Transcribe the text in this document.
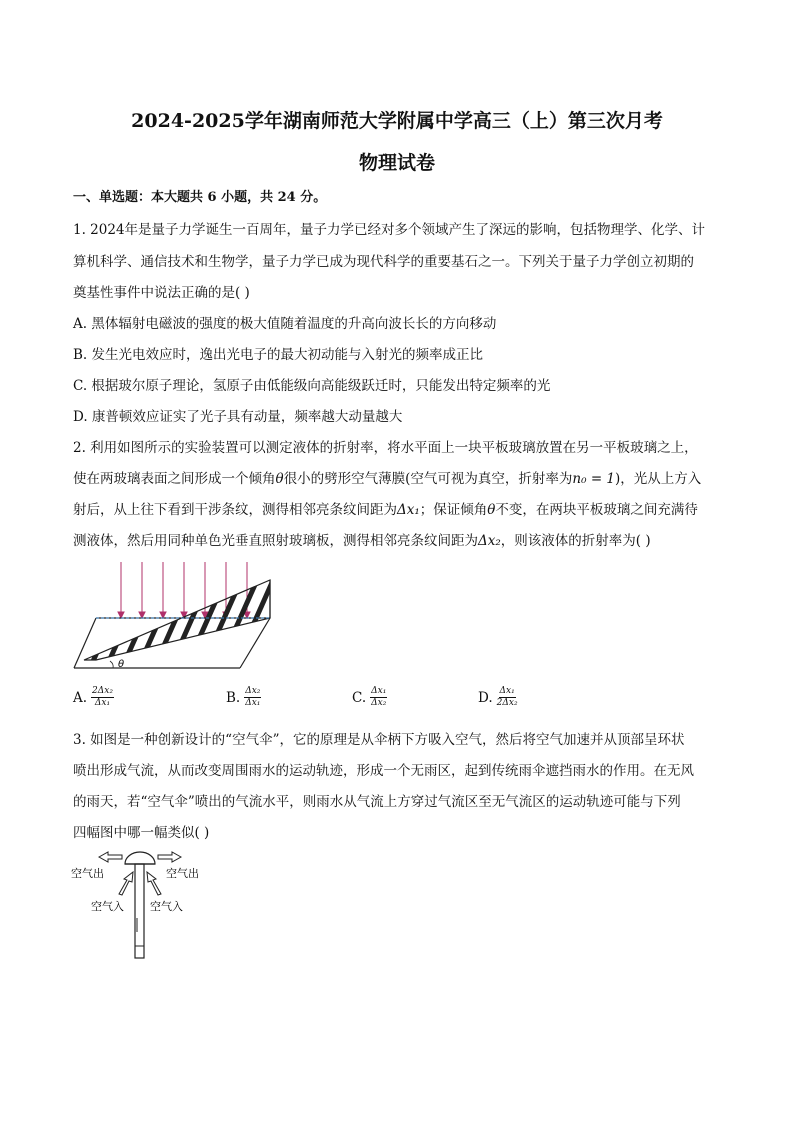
2024-2025学年湖南师范大学附属中学高三（上）第三次月考
物理试卷
一、单选题：本大题共 6 小题，共 24 分。
1. 2024年是量子力学诞生一百周年，量子力学已经对多个领域产生了深远的影响，包括物理学、化学、计
算机科学、通信技术和生物学，量子力学已成为现代科学的重要基石之一。下列关于量子力学创立初期的
奠基性事件中说法正确的是( )
A. 黑体辐射电磁波的强度的极大值随着温度的升高向波长长的方向移动
B. 发生光电效应时，逸出光电子的最大初动能与入射光的频率成正比
C. 根据玻尔原子理论，氢原子由低能级向高能级跃迁时，只能发出特定频率的光
D. 康普顿效应证实了光子具有动量，频率越大动量越大
2. 利用如图所示的实验装置可以测定液体的折射率，将水平面上一块平板玻璃放置在另一平板玻璃之上，
使在两玻璃表面之间形成一个倾角θ很小的劈形空气薄膜(空气可视为真空，折射率为n₀ = 1)，光从上方入
射后，从上往下看到干涉条纹，测得相邻亮条纹间距为Δx₁；保证倾角θ不变，在两块平板玻璃之间充满待
测液体，然后用同种单色光垂直照射玻璃板，测得相邻亮条纹间距为Δx₂，则该液体的折射率为( )
θ
A. $\frac{\text{2Δx₂}}{\text{Δx₁}}$	B. $\frac{\text{Δx₂}}{\text{Δx₁}}$	C. $\frac{\text{Δx₁}}{\text{Δx₂}}$	D. $\frac{\text{Δx₁}}{\text{2Δx₂}}$
3. 如图是一种创新设计的“空气伞”，它的原理是从伞柄下方吸入空气，然后将空气加速并从顶部呈环状
喷出形成气流，从而改变周围雨水的运动轨迹，形成一个无雨区，起到传统雨伞遮挡雨水的作用。在无风
的雨天，若“空气伞”喷出的气流水平，则雨水从气流上方穿过气流区至无气流区的运动轨迹可能与下列
四幅图中哪一幅类似( )
空气出	空气出
空气入 空气入
